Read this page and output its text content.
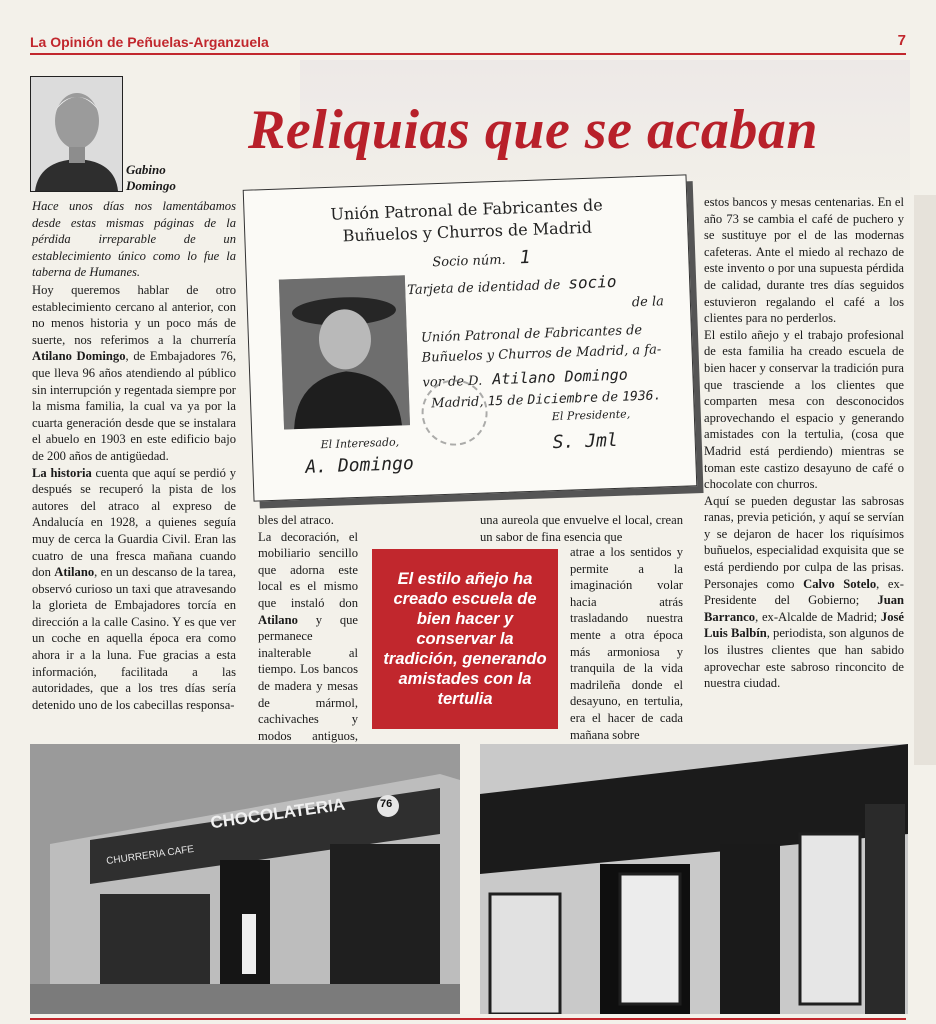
La Opinión de Peñuelas-Arganzuela	7
Reliquias que se acaban
Gabino
Domingo

Hace unos días nos lamentábamos desde estas mismas páginas de la pérdida irreparable de un establecimiento único como lo fue la taberna de Humanes.

Hoy queremos hablar de otro establecimiento cercano al anterior, con no menos historia y un poco más de suerte, nos referimos a la churrería Atilano Domingo, de Embajadores 76, que lleva 96 años atendiendo al público sin interrupción y regentada siempre por la misma familia, la cual va ya por la cuarta generación desde que se instalara el abuelo en 1903 en este edificio bajo de 200 años de antigüedad.
La historia cuenta que aquí se perdió y después se recuperó la pista de los autores del atraco al expreso de Andalucía en 1928, a quienes seguía muy de cerca la Guardia Civil. Eran las cuatro de una fresca mañana cuando don Atilano, en un descanso de la tarea, observó curioso un taxi que atravesando la glorieta de Embajadores torcía en dirección a la calle Casino. Y es que ver un coche en aquella época era como ahora ir a la luna. Fue gracias a esta información, facilitada a las autoridades, que a los tres días sería detenido uno de los cabecillas responsa-

bles del atraco.
La decoración, el mobiliario sencillo que adorna este local es el mismo que instaló don Atilano y que permanece inalterable al tiempo. Los bancos de madera y mesas de mármol, cachivaches y modos antiguos,

una aureola que envuelve el local, crean un sabor de fina esencia que

atrae a los sentidos y permite a la imaginación volar hacia atrás trasladando nuestra mente a otra época más armoniosa y tranquila de la vida madrileña donde el desayuno, en tertulia, era el hacer de cada mañana sobre

estos bancos y mesas centenarias. En el año 73 se cambia el café de puchero y se sustituye por el de las modernas cafeteras. Ante el miedo al rechazo de este invento o por una supuesta pérdida de calidad, durante tres días seguidos estuvieron regalando el café a los clientes para no perderlos.
El estilo añejo y el trabajo profesional de esta familia ha creado escuela de bien hacer y conservar la tradición pura que trasciende a los clientes que comparten mesa con desconocidos aprovechando el espacio y generando amistades con la tertulia, (cosa que Madrid está perdiendo) mientras se toman este castizo desayuno de café o chocolate con churros.
Aquí se pueden degustar las sabrosas ranas, previa petición, y aquí se servían y se dejaron de hacer los riquísimos buñuelos, especialidad exquisita que se está perdiendo por culpa de las prisas. Personajes como Calvo Sotelo, ex-Presidente del Gobierno; Juan Barranco, ex-Alcalde de Madrid; José Luis Balbín, periodista, son algunos de los ilustres clientes que han sabido aprovechar este sabroso rinconcito de nuestra ciudad.

Unión Patronal de Fabricantes de Buñuelos y Churros de Madrid

Socio núm. 1
Tarjeta de identidad de socio
de la
Unión Patronal de Fabricantes de
Buñuelos y Churros de Madrid, a fa-
vor de D. Atilano Domingo
Madrid, 15 de Diciembre de 1936.
El Interesado,
A. Domingo
El Presidente,
S. Jml

El estilo añejo ha creado escuela de bien hacer y conservar la tradición, generando amistades con la tertulia

CHOCOLATERIA	76
CHURRERIA CAFE
